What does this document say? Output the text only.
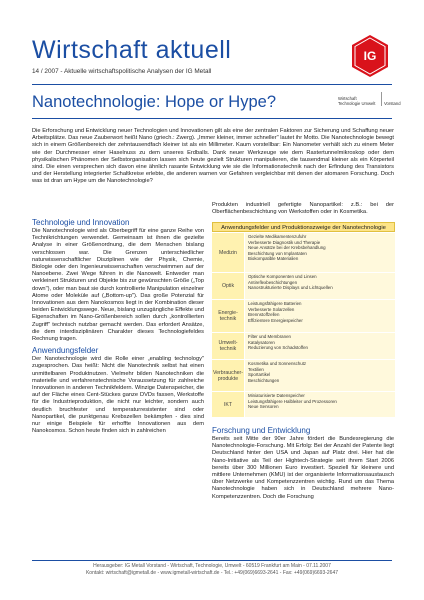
Wirtschaft aktuell
14 / 2007 - Aktuelle wirtschaftspolitische Analysen der IG Metall
IG
Wirtschaft Technologie Umwelt	Vorstand
Nanotechnologie: Hope or Hype?
Die Erforschung und Entwicklung neuer Technologien und Innovationen gilt als eine der zentralen Faktoren zur Sicherung und Schaffung neuer Arbeitsplätze. Das neue Zauberwort heißt Nano (griech.: Zwerg). „Immer kleiner, immer schneller" lautet ihr Motto. Die Nanotechnologie bewegt sich in einem Größenbereich der zehntausendfach kleiner ist als ein Millimeter. Kaum vorstellbar: Ein Nanometer verhält sich zu einem Meter wie der Durchmesser einer Haselnuss zu dem unseres Erdballs. Dank neuer Werkzeuge wie dem Rastertunnelmikroskop oder dem physikalischen Phänomen der Selbstorganisation lassen sich heute gezielt Strukturen manipulieren, die tausendmal kleiner als ein Körperteil sind. Die einen versprechen sich davon eine ähnlich rasante Entwicklung wie sie die Informationstechnik nach der Erfindung des Transistors und der Herstellung integrierter Schaltkreise erlebte, die anderen warnen vor Gefahren vergleichbar mit denen der atomaren Forschung. Doch was ist dran am Hype um die Nanotechnologie?
Technologie und Innovation

Die Nanotechnologie wird als Oberbegriff für eine ganze Reihe von Technikrichtungen verwendet. Gemeinsam ist ihnen die gezielte Analyse in einer Größenordnung, die dem Menschen bislang verschlossen war. Die Grenzen unterschiedlicher naturwissenschaftlicher Disziplinen wie der Physik, Chemie, Biologie oder den Ingenieurwissenschaften verschwimmen auf der Nanoebene. Zwei Wege führen in die Nanowelt. Entweder man verkleinert Strukturen und Objekte bis zur gewünschten Größe („Top down"), oder man baut sie durch kontrollierte Manipulation einzelner Atome oder Moleküle auf („Bottom-up"). Das große Potenzial für Innovationen aus dem Nanokosmos liegt in der Kombination dieser beiden Entwicklungswege. Neue, bislang unzugängliche Effekte und Eigenschaften im Nano-Größenbereich sollen durch „kontrollierten Zugriff" technisch nutzbar gemacht werden. Das erfordert Ansätze, die dem interdisziplinären Charakter dieses Technologiefeldes Rechnung tragen.

Anwendungsfelder

Der Nanotechnologie wird die Rolle einer „enabling technology" zugesprochen. Das heißt: Nicht die Nanotechnik selbst hat einen unmittelbaren Produktnutzen. Vielmehr bilden Nanotechniken die materielle und verfahrenstechnische Voraussetzung für zahlreiche Innovationen in anderen Technikfeldern. Winzige Datenspeicher, die auf der Fläche eines Cent-Stückes ganze DVDs fassen, Werkstoffe für die Industrieproduktion, die nicht nur leichter, sondern auch deutlich bruchfester und temperaturresistenter sind oder Nanopartikel, die punktgenau Krebszellen bekämpfen - dies sind nur einige Beispiele für erhoffte Innovationen aus dem Nanokosmos. Schon heute finden sich in zahlreichen

Produkten industriell gefertigte Nanopartikel: z.B.: bei der Oberflächenbeschichtung von Werkstoffen oder in Kosmetika.
Anwendungsfelder und Produktionszweige der Nanotechnologie
Medizin
Gezielte Medikamentenzufuhr
Verbesserte Diagnostik und Therapie
Neue Ansätze bei der Krebsbehandlung
Beschichtung von Implantaten
Biokompatible Materialien
Optik
Optische Komponenten und Linsen
Antireflexbeschichtungen
Nanostrukturierte Displays und Lichtquellen
Energie-technik
Leistungsfähigere Batterien
Verbesserte Solarzellen
Brennstoffzellen
Effizientere Energiespeicher
Umwelt-technik
Filter und Membranen
Katalysatoren
Reduzierung von Schadstoffen
Verbraucher-produkte
Kosmetika und Sonnenschutz
Textilien
Sportartikel
Beschichtungen
IKT
Miniaturisierte Datenspeicher
Leistungsfähigere Halbleiter und Prozessoren
Neue Sensoren
Forschung und Entwicklung

Bereits seit Mitte der 90er Jahre fördert die Bundesregierung die Nanotechnologie-Forschung. Mit Erfolg: Bei der Anzahl der Patente liegt Deutschland hinter den USA und Japan auf Platz drei. Hier hat die Nano-Initiative als Teil der Hightech-Strategie seit ihrem Start 2006 bereits über 300 Millionen Euro investiert. Speziell für kleinere und mittlere Unternehmen (KMU) ist der organisierte Informationsaustausch über Netzwerke und Kompetenzzentren wichtig. Rund um das Thema Nanotechnologie haben sich in Deutschland mehrere Nano-Kompetenzzentren. Doch die Forschung

Herausgeber: IG Metall Vorstand - Wirtschaft, Technologie, Umwelt - 60519 Frankfurt am Main - 07.11.2007
Kontakt: wirtschaft@igmetall.de - www.igmetall-wirtschaft.de - Tel.: +49(069)6693-2641 - Fax: +49(069)6693-2647
